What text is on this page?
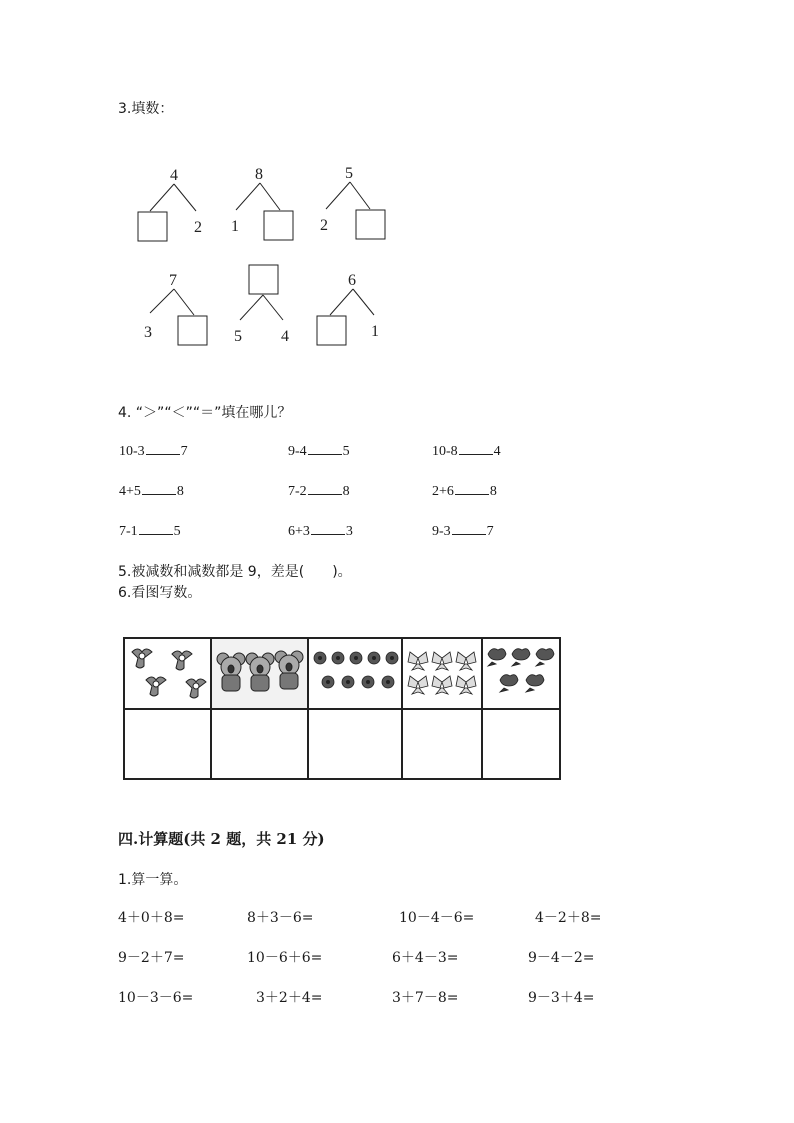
3.填数：
4
2
8
1
5
2
7
3	5 4
6
1
4. “＞”“＜”“＝”填在哪儿？
10-3	7	9-4	5	10-8	4
4+5	8	7-2	8	2+6	8
7-1	5	6+3	3	9-3	7
5.被减数和减数都是 9，差是( )。
6.看图写数。

四.计算题(共 2 题，共 21 分)
1.算一算。
4＋0＋8=	8＋3－6=	10－4－6=	4－2＋8=
9－2＋7=	10－6＋6=	6＋4－3=	9－4－2=
10－3－6=	3＋2＋4=	3＋7－8=	9－3＋4=
